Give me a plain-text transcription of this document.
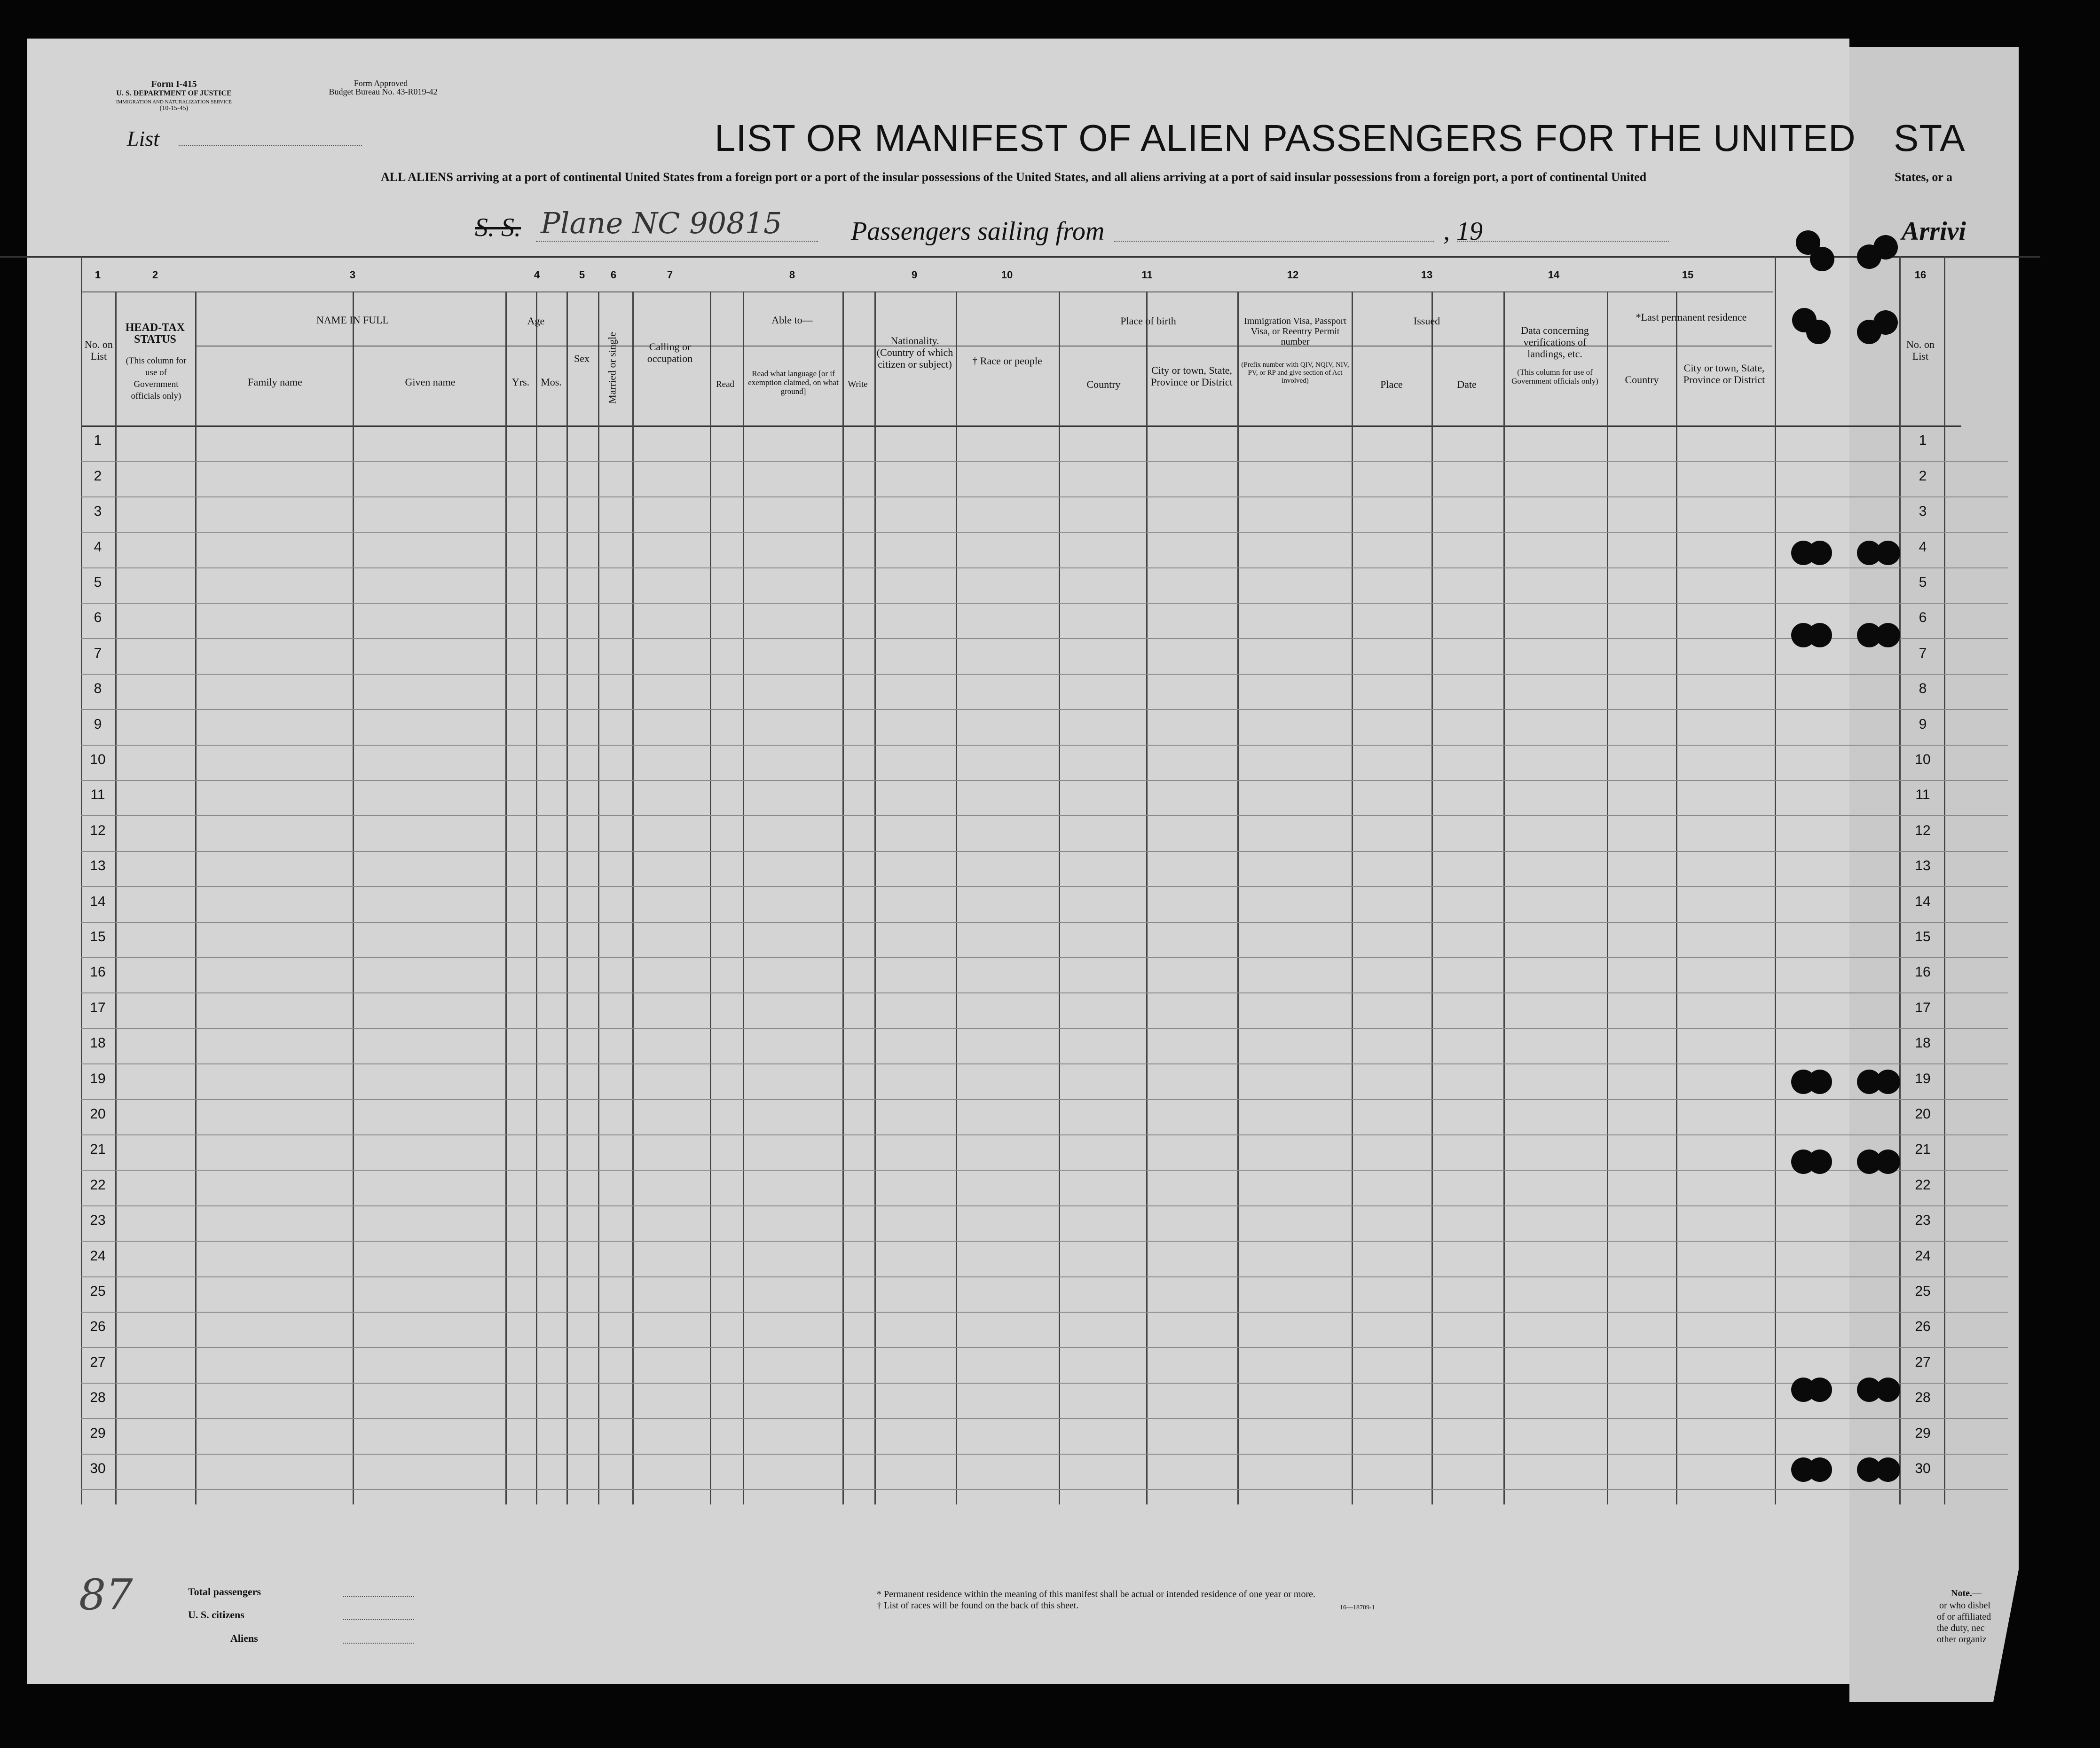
Form I-415
U. S. DEPARTMENT OF JUSTICE
IMMIGRATION AND NATURALIZATION SERVICE
(10-15-45)
Form Approved
Budget Bureau No. 43-R019-42
List	LIST OR MANIFEST OF ALIEN PASSENGERS FOR THE UNITED STA
ALL ALIENS arriving at a port of continental United States from a foreign port or a port of the insular possessions of the United States, and all aliens arriving at a port of said insular possessions from a foreign port, a port of continental United	States, or a
S. S. Plane NC 90815	Passengers sailing from	, 19	Arrivi
1	2	3	4	5	6	7	8	9	10	11	12	13	14	15	16
No. on List
HEAD-TAX STATUS
(This column for use of Government officials only)
NAME IN FULL
Family name	Given name
Age
Yrs.	Mos.
Sex	Married or single	Calling or occupation
Able to—
Read
Read what language [or if exemption claimed, on what ground]
Write
Nationality. (Country of which citizen or subject)	† Race or people
Place of birth
Country
City or town, State, Province or District
Immigration Visa, Passport Visa, or Reentry Permit number
(Prefix number with QIV, NQIV, NIV, PV, or RP and give section of Act involved)
Issued
Place	Date
Data concerning verifications of landings, etc.
(This column for use of Government officials only)
*Last permanent residence
Country
City or town, State, Province or District
No. on List
1	1
2	2
3	3
4	4
5	5
6	6
7	7
8	8
9	9
10	10
11	11
12	12
13	13
14	14
15	15
16	16
17	17
18	18
19	19
20	20
21	21
22	22
23	23
24	24
25	25
26	26
27	27
28	28
29	29
30	30
Total passengers
U. S. citizens
Aliens
* Permanent residence within the meaning of this manifest shall be actual or intended residence of one year or more.
† List of races will be found on the back of this sheet.	16—18709-1
87	Note.—
or who disbel
of or affiliated
the duty, nec
other organiz
